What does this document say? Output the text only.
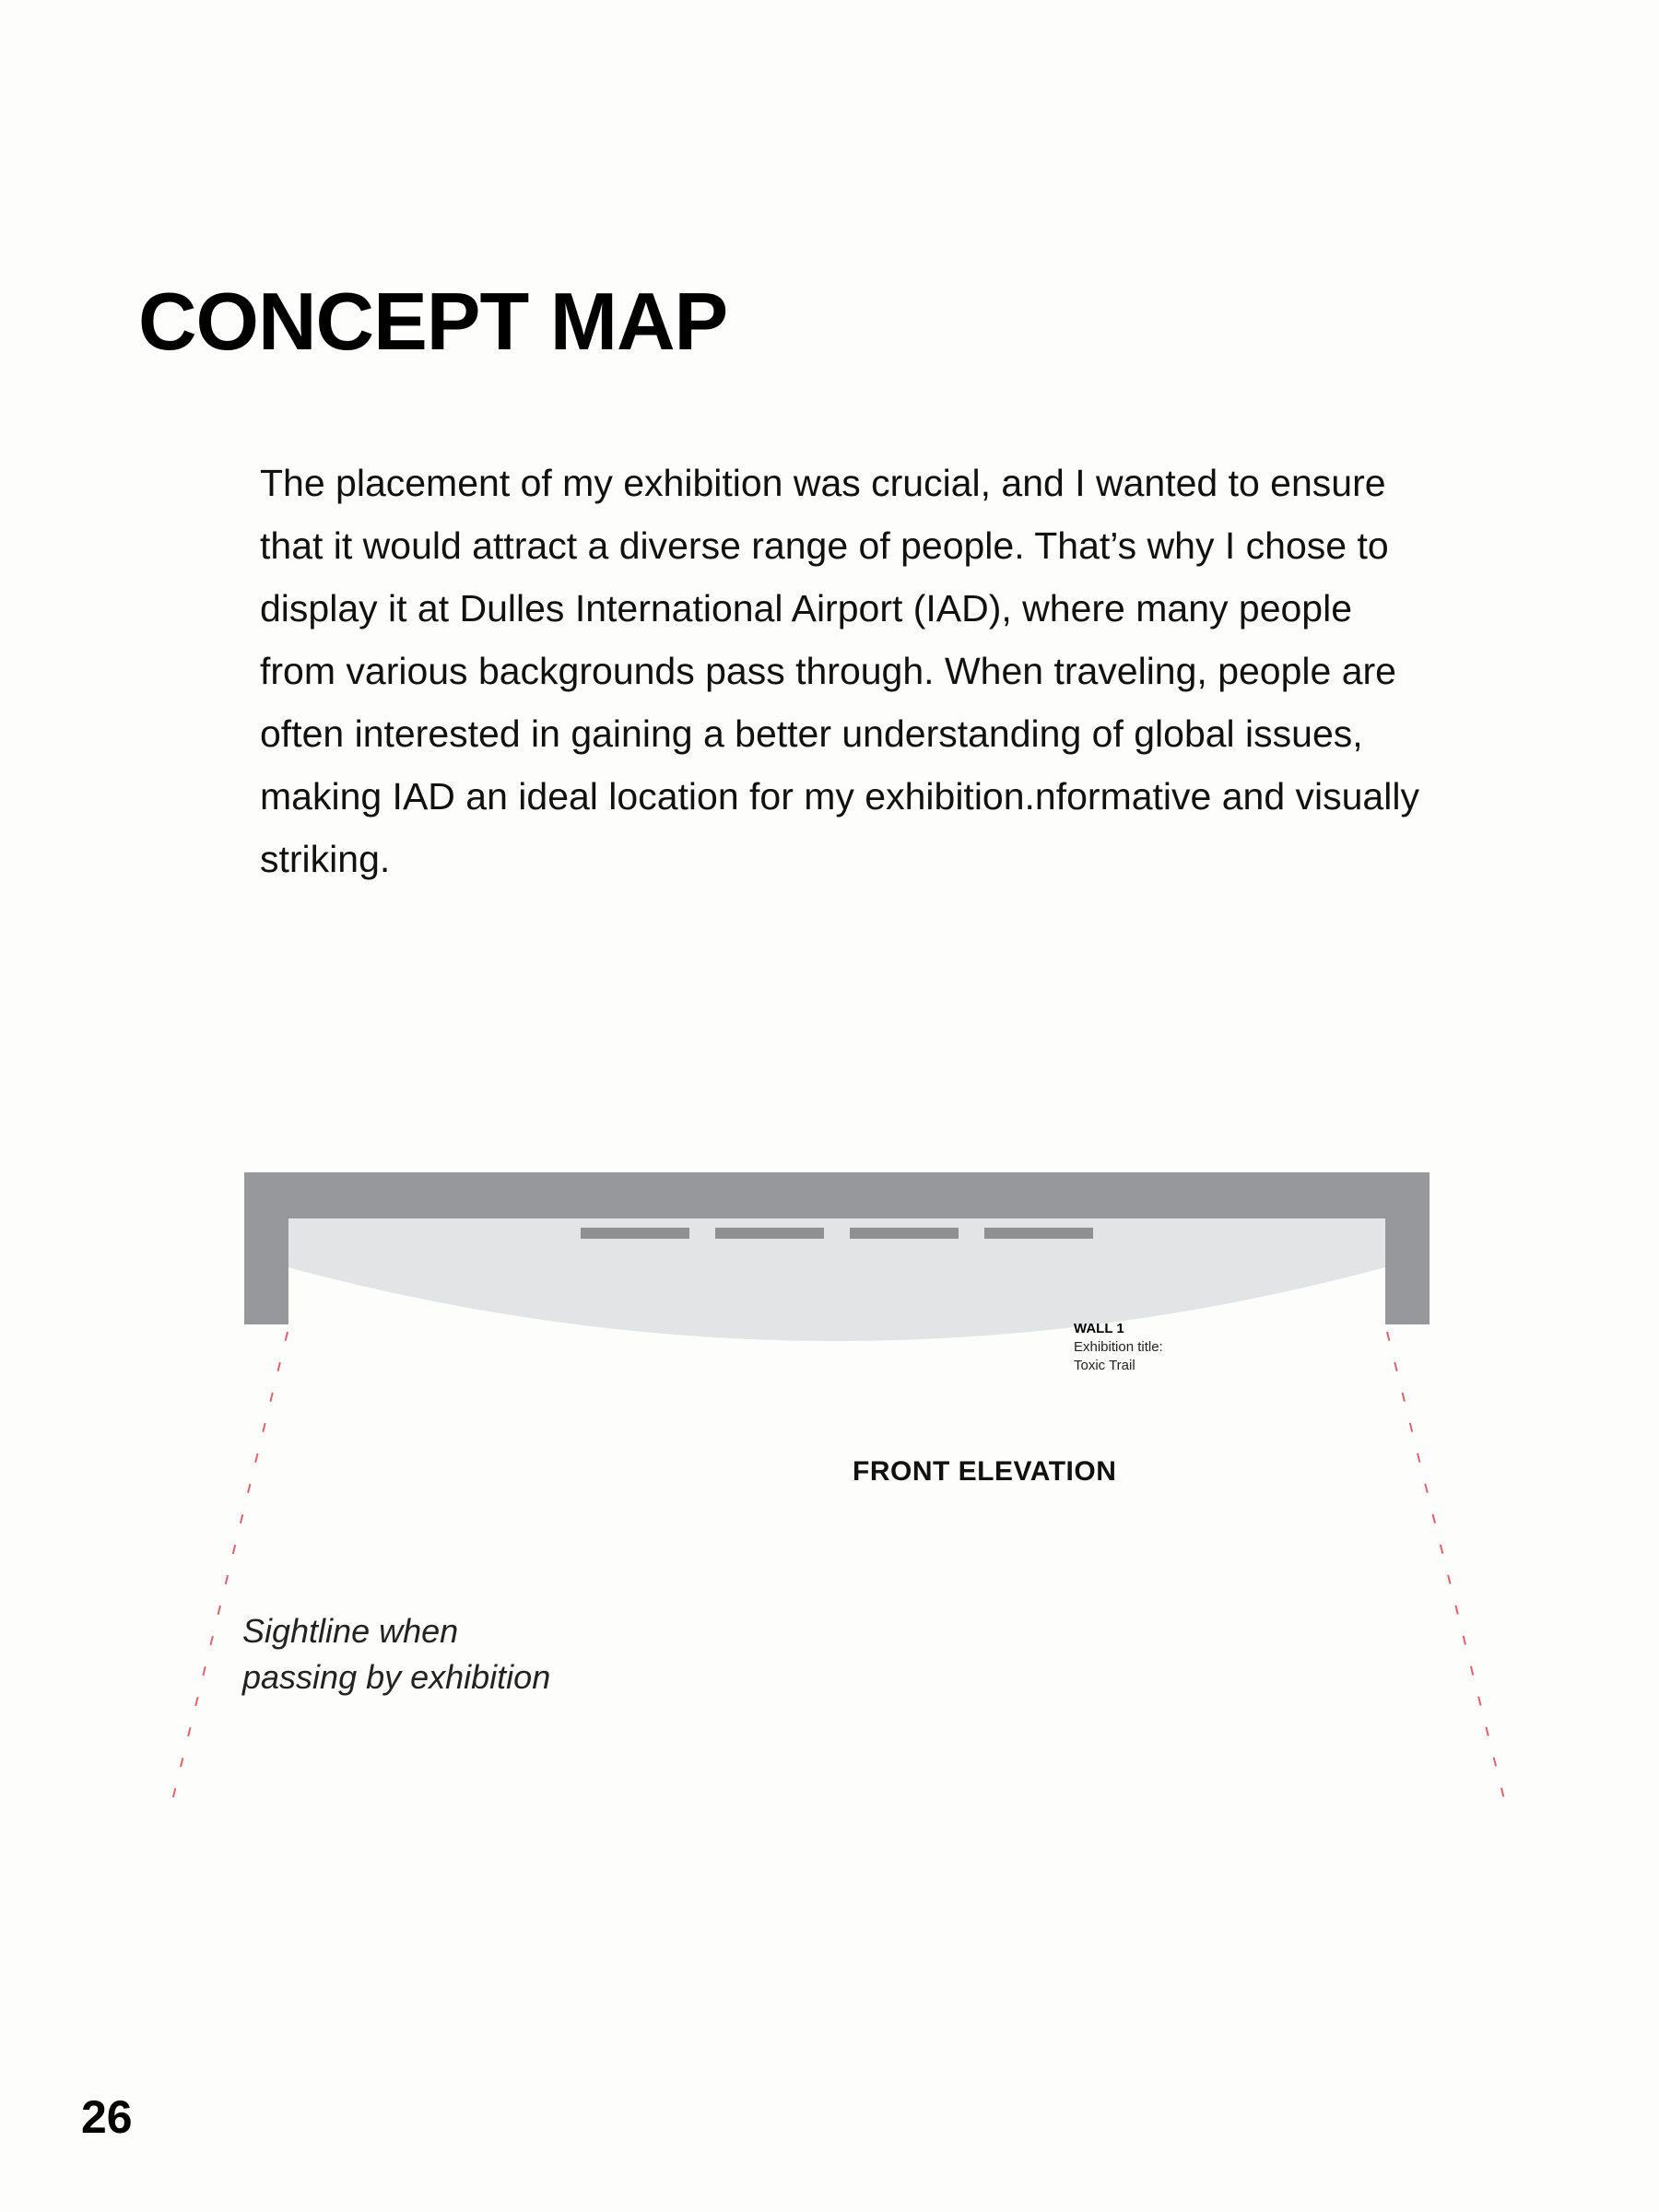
CONCEPT MAP

The placement of my exhibition was crucial, and I wanted to ensure that it would attract a diverse range of people. That’s why I chose to display it at Dulles International Airport (IAD), where many people from various backgrounds pass through. When traveling, people are often interested in gaining a better understanding of global issues, making IAD an ideal location for my exhibition.nformative and visually striking.

WALL 1
Exhibition title:
Toxic Trail
FRONT ELEVATION
Sightline when
passing by exhibition
26
